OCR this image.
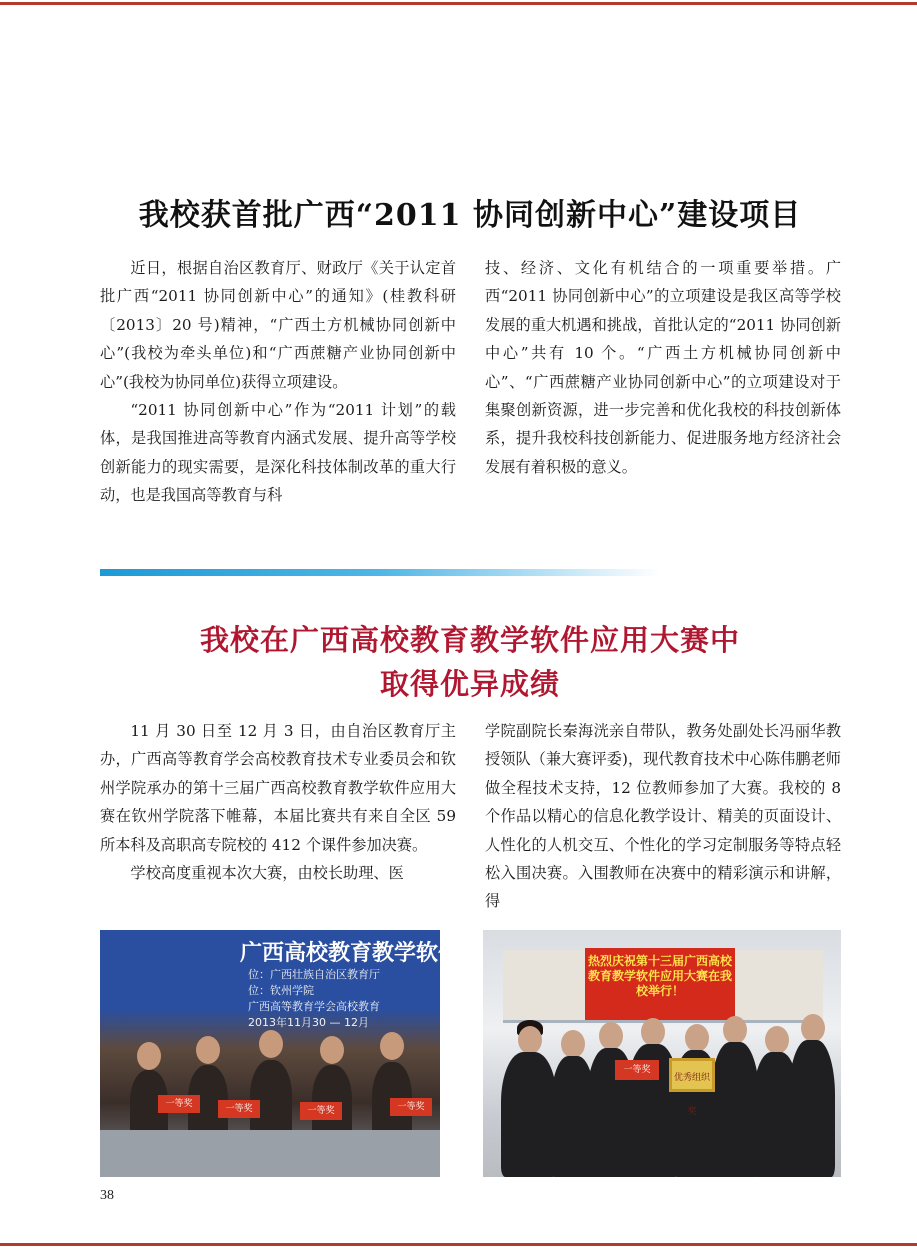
我校获首批广西“2011 协同创新中心”建设项目

近日，根据自治区教育厅、财政厅《关于认定首批广西“2011 协同创新中心”的通知》(桂教科研〔2013〕20 号)精神，“广西土方机械协同创新中心”(我校为牵头单位)和“广西蔗糖产业协同创新中心”(我校为协同单位)获得立项建设。

“2011 协同创新中心”作为“2011 计划”的载体，是我国推进高等教育内涵式发展、提升高等学校创新能力的现实需要，是深化科技体制改革的重大行动，也是我国高等教育与科

技、经济、文化有机结合的一项重要举措。广西“2011 协同创新中心”的立项建设是我区高等学校发展的重大机遇和挑战，首批认定的“2011 协同创新中心”共有 10 个。“广西土方机械协同创新中心”、“广西蔗糖产业协同创新中心”的立项建设对于集聚创新资源，进一步完善和优化我校的科技创新体系，提升我校科技创新能力、促进服务地方经济社会发展有着积极的意义。

我校在广西高校教育教学软件应用大赛中
取得优异成绩

11 月 30 日至 12 月 3 日，由自治区教育厅主办，广西高等教育学会高校教育技术专业委员会和钦州学院承办的第十三届广西高校教育教学软件应用大赛在钦州学院落下帷幕，本届比赛共有来自全区 59 所本科及高职高专院校的 412 个课件参加决赛。

学校高度重视本次大赛，由校长助理、医

学院副院长秦海洸亲自带队，教务处副处长冯丽华教授领队（兼大赛评委)，现代教育技术中心陈伟鹏老师做全程技术支持，12 位教师参加了大赛。我校的 8 个作品以精心的信息化教学设计、精美的页面设计、人性化的人机交互、个性化的学习定制服务等特点轻松入围决赛。入围教师在决赛中的精彩演示和讲解，得

广西高校教育教学软件应
位：广西壮族自治区教育厅
位：钦州学院
广西高等教育学会高校教育
2013年11月30 — 12月
一等奖	一等奖	一等奖	一等奖
热烈庆祝第十三届广西高校教育教学软件应用大赛在我校举行！
一等奖
优秀组织奖
38
